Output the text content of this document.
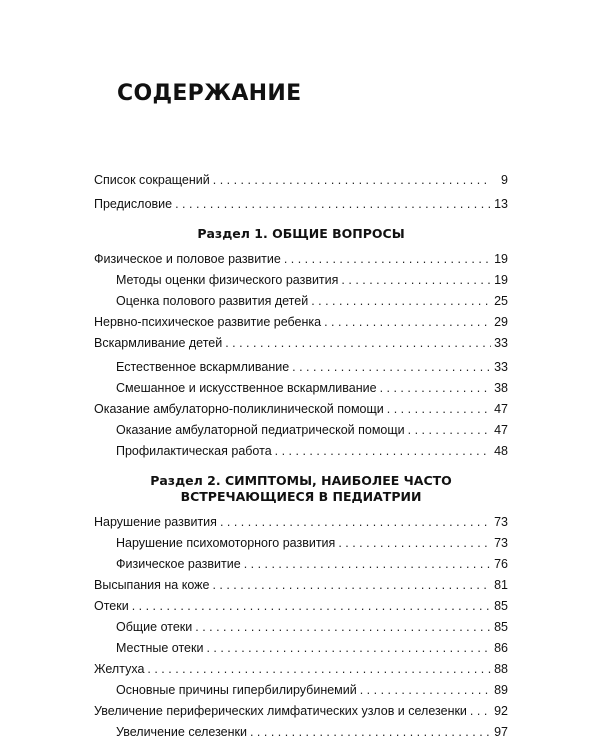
СОДЕРЖАНИЕ
Список сокращений . . .	9
Предисловие . . .	13
Раздел 1. ОБЩИЕ ВОПРОСЫ
Физическое и половое развитие . . .	19
Методы оценки физического развития . . .	19
Оценка полового развития детей . . .	25
Нервно-психическое развитие ребенка . . .	29
Вскармливание детей . . .	33
Естественное вскармливание . . .	33
Смешанное и искусственное вскармливание . . .	38
Оказание амбулаторно-поликлинической помощи . . .	47
Оказание амбулаторной педиатрической помощи . . .	47
Профилактическая работа . . .	48
Раздел 2. СИМПТОМЫ, НАИБОЛЕЕ ЧАСТО
ВСТРЕЧАЮЩИЕСЯ В ПЕДИАТРИИ
Нарушение развития . . .	73
Нарушение психомоторного развития . . .	73
Физическое развитие . . .	76
Высыпания на коже . . .	81
Отеки . . .	85
Общие отеки . . .	85
Местные отеки . . .	86
Желтуха . . .	88
Основные причины гипербилирубинемий . . .	89
Увеличение периферических лимфатических узлов и селезенки . . . 92
Увеличение селезенки . . .	97
